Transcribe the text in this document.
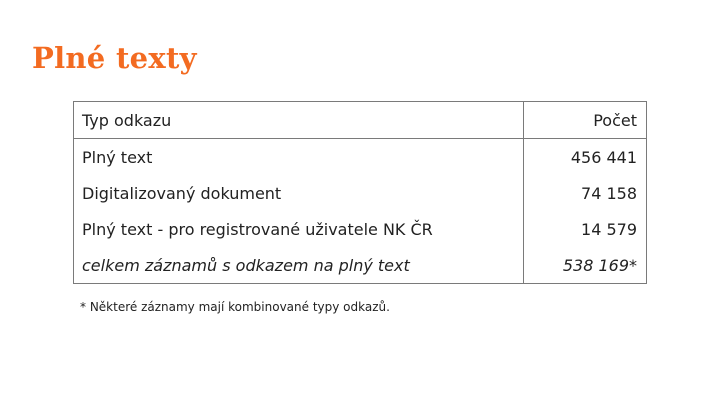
Plné texty
Typ odkazu	Počet
Plný text	456 441
Digitalizovaný dokument	74 158
Plný text - pro registrované uživatele NK ČR	14 579
celkem záznamů s odkazem na plný text	538 169*

* Některé záznamy mají kombinované typy odkazů.
